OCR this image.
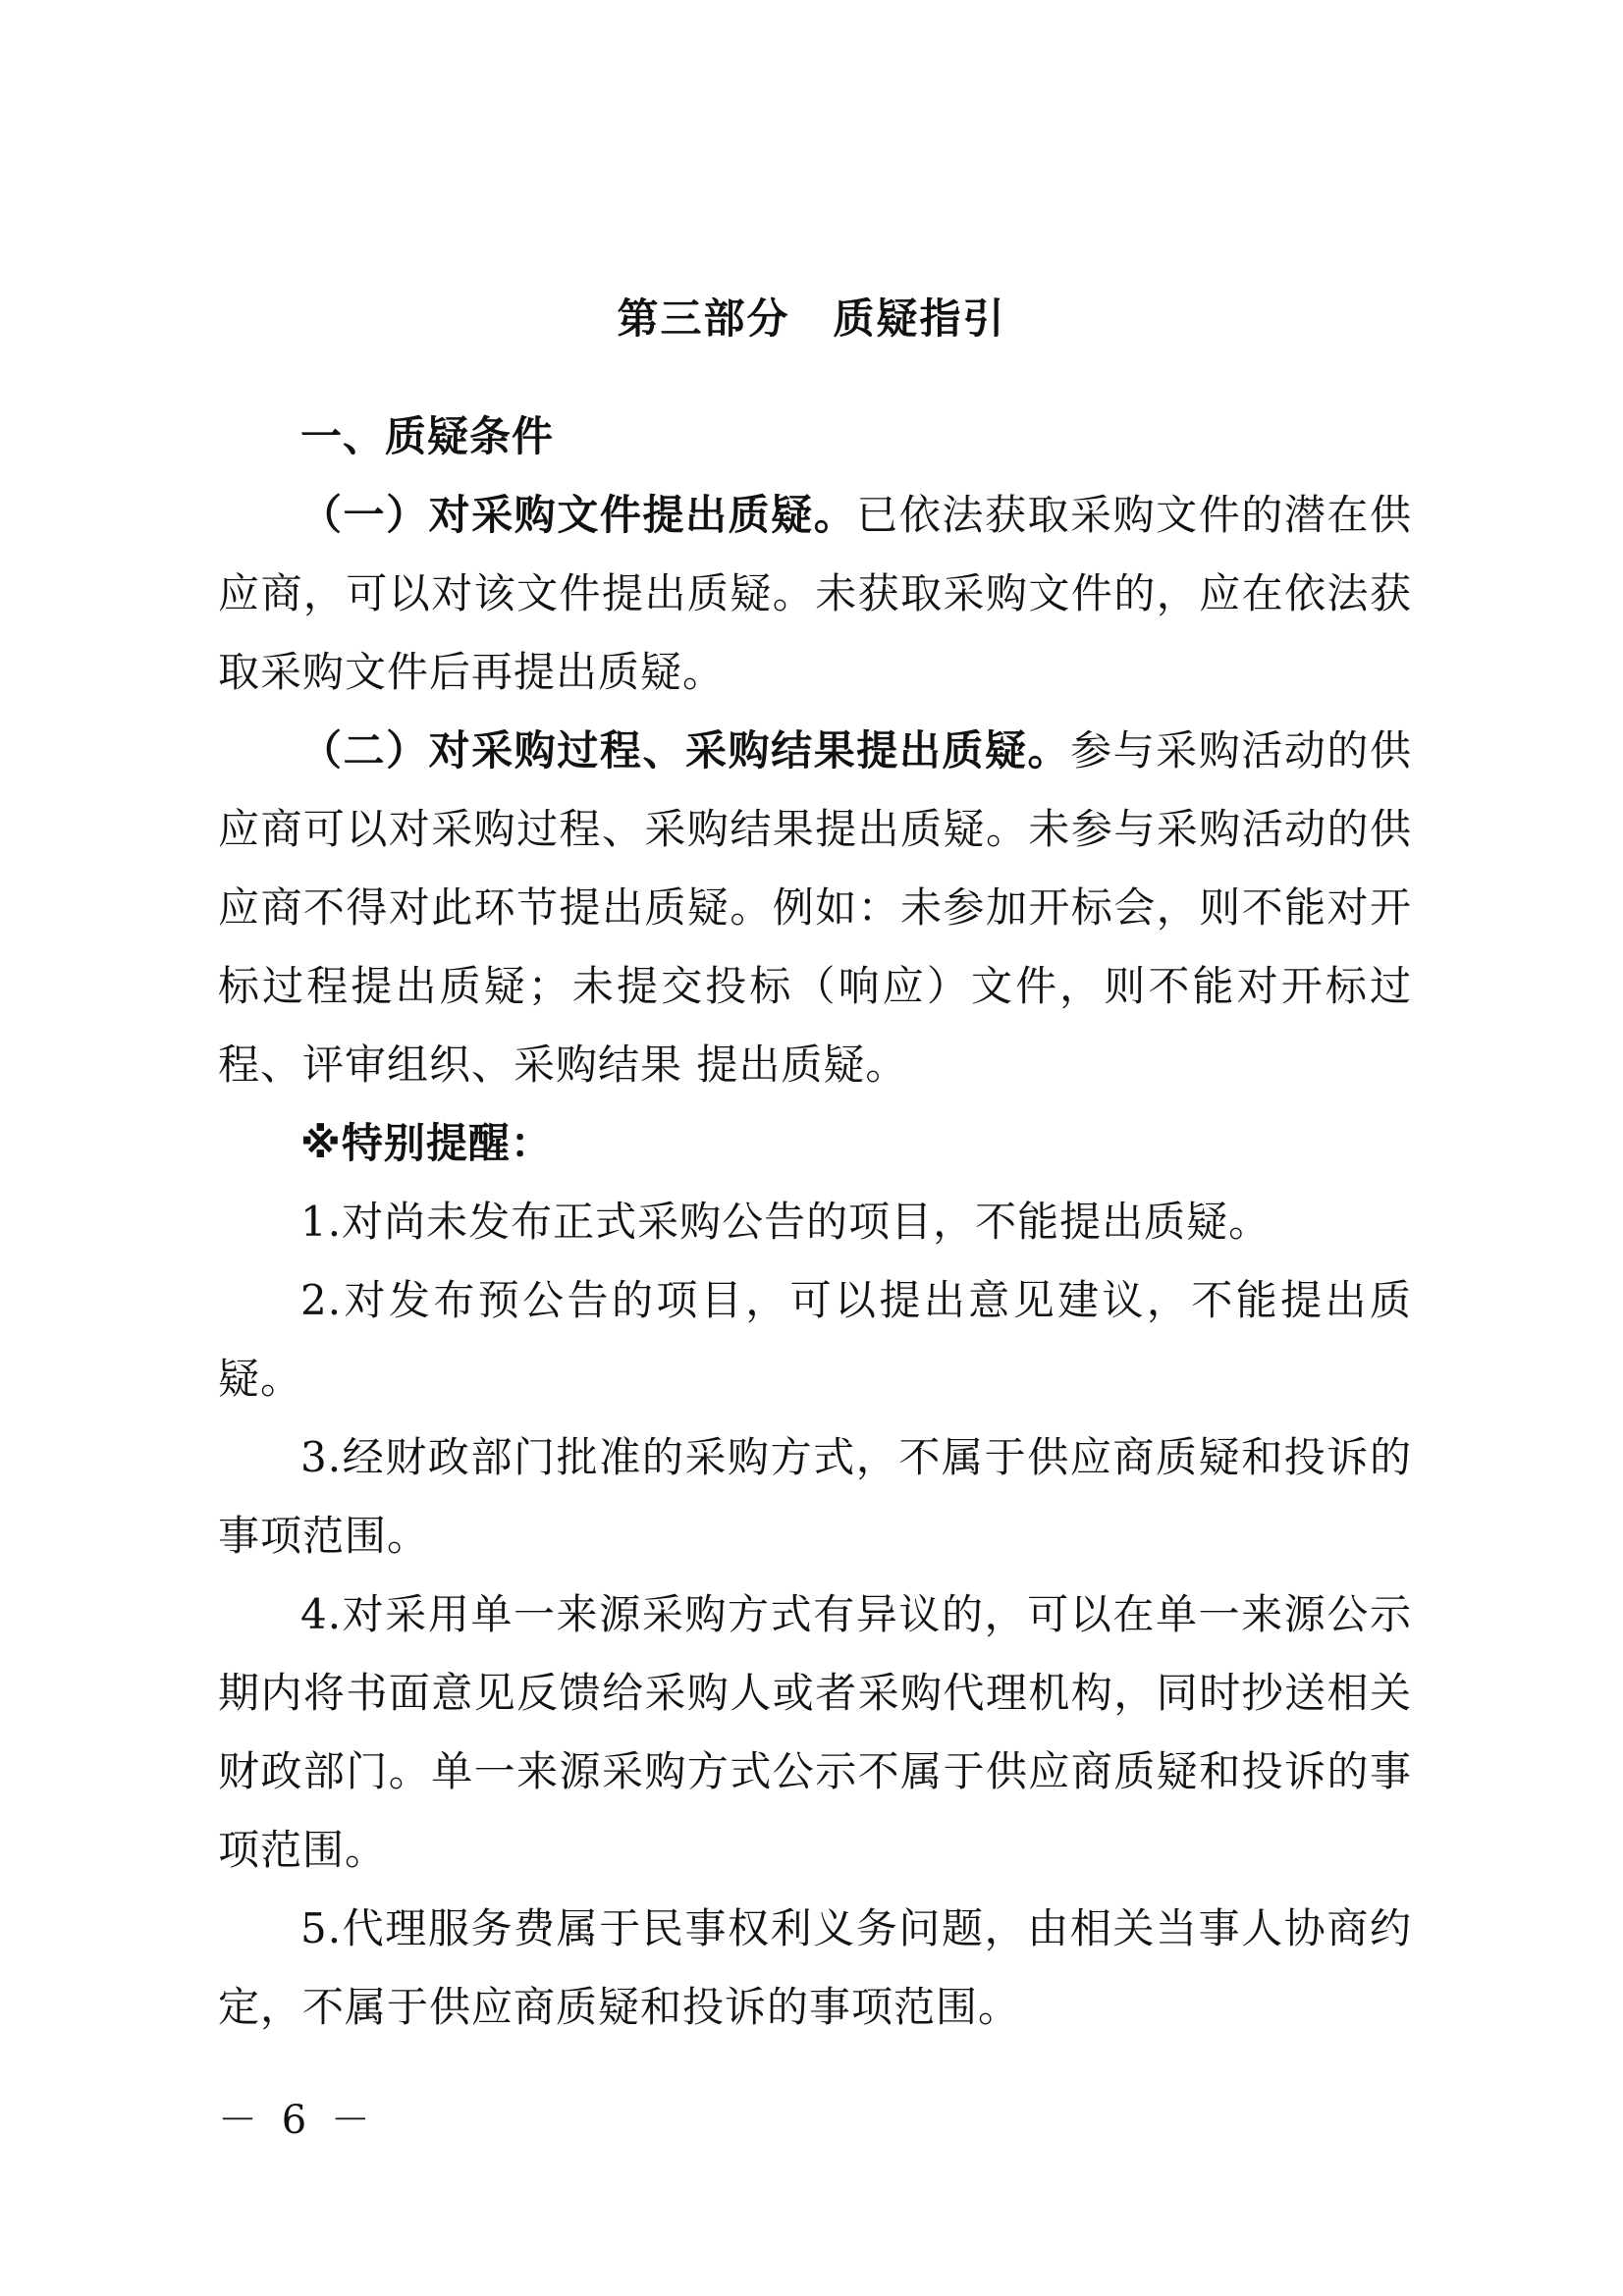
第三部分　质疑指引

一、质疑条件

（一）对采购文件提出质疑。已依法获取采购文件的潜在供应商，可以对该文件提出质疑。未获取采购文件的，应在依法获取采购文件后再提出质疑。

（二）对采购过程、采购结果提出质疑。参与采购活动的供应商可以对采购过程、采购结果提出质疑。未参与采购活动的供应商不得对此环节提出质疑。例如：未参加开标会，则不能对开标过程提出质疑；未提交投标（响应）文件，则不能对开标过程、评审组织、采购结果 提出质疑。

※特别提醒：

1.对尚未发布正式采购公告的项目，不能提出质疑。

2.对发布预公告的项目，可以提出意见建议，不能提出质疑。

3.经财政部门批准的采购方式，不属于供应商质疑和投诉的事项范围。

4.对采用单一来源采购方式有异议的，可以在单一来源公示期内将书面意见反馈给采购人或者采购代理机构，同时抄送相关财政部门。单一来源采购方式公示不属于供应商质疑和投诉的事项范围。

5.代理服务费属于民事权利义务问题，由相关当事人协商约定，不属于供应商质疑和投诉的事项范围。

－ 6 －
